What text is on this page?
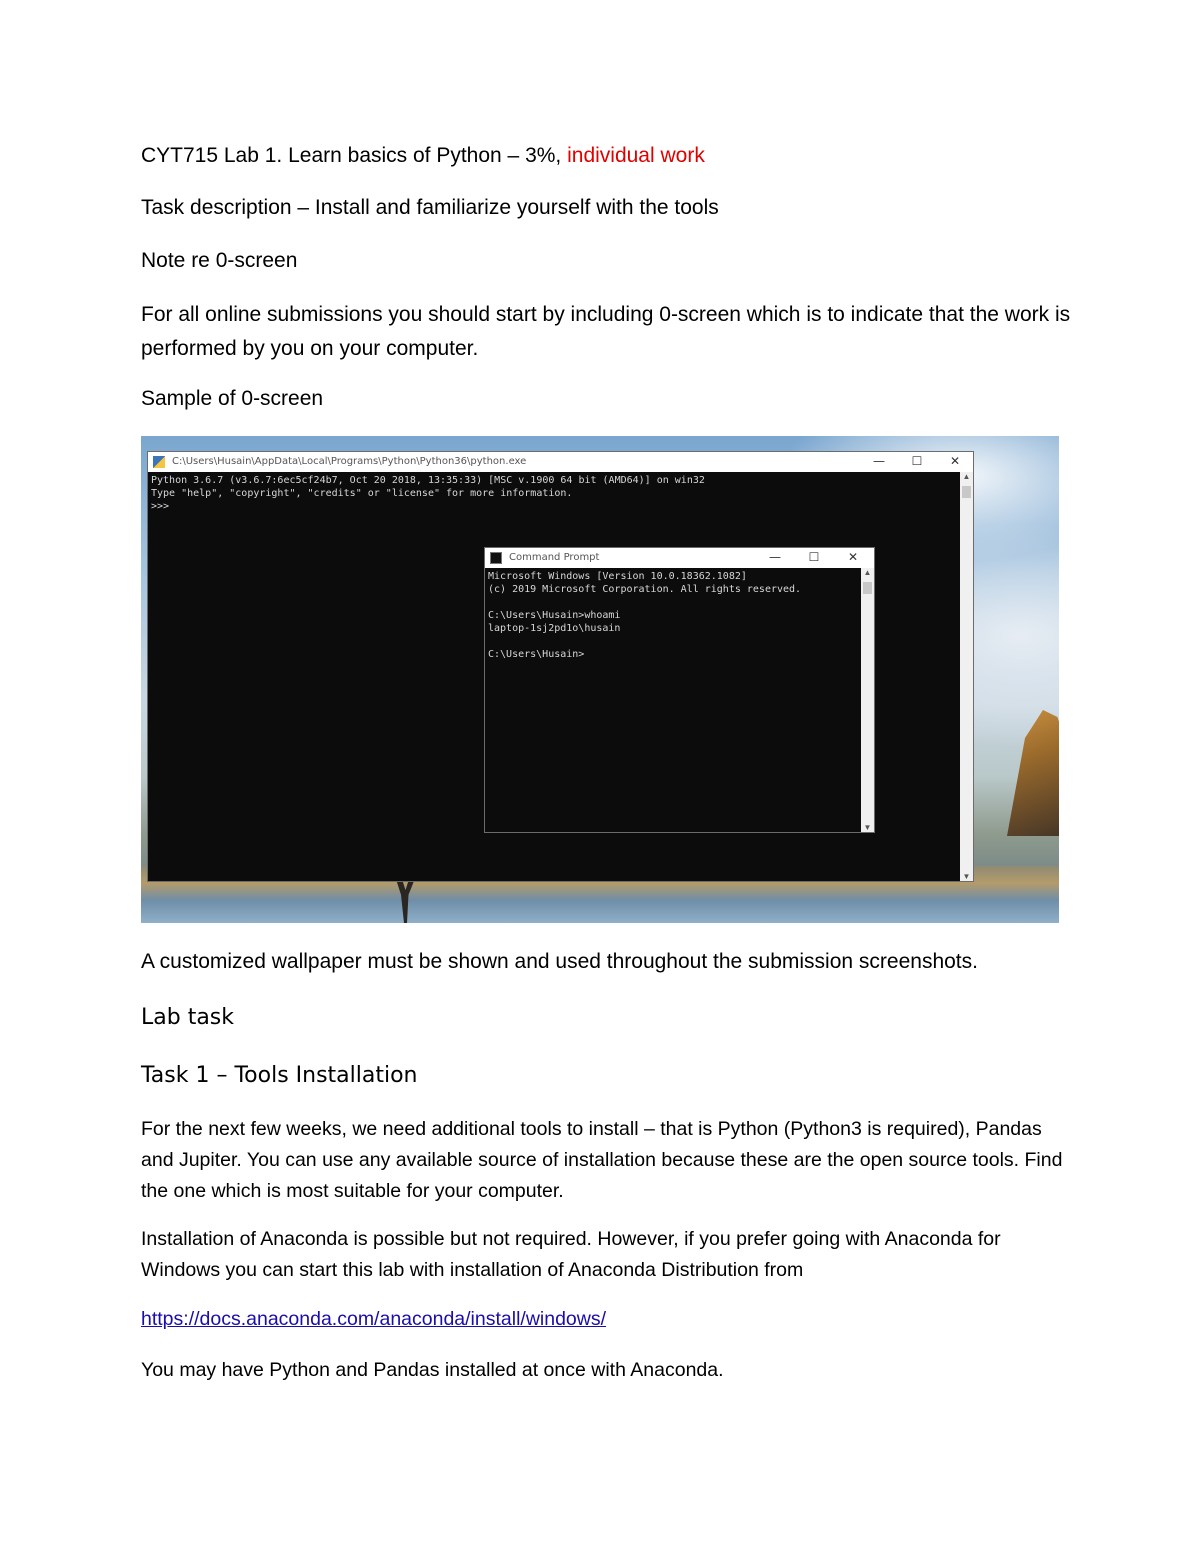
CYT715 Lab 1. Learn basics of Python – 3%, individual work

Task description – Install and familiarize yourself with the tools

Note re 0-screen

For all online submissions you should start by including 0-screen which is to indicate that the work is performed by you on your computer.

Sample of 0-screen

C:\Users\Husain\AppData\Local\Programs\Python\Python36\python.exe	— ☐ ✕
Python 3.6.7 (v3.6.7:6ec5cf24b7, Oct 20 2018, 13:35:33) [MSC v.1900 64 bit (AMD64)] on win32
Type "help", "copyright", "credits" or "license" for more information.
>>>
▲
▼
Command Prompt	— ☐ ✕
Microsoft Windows [Version 10.0.18362.1082]
(c) 2019 Microsoft Corporation. All rights reserved.

C:\Users\Husain>whoami
laptop-1sj2pd1o\husain

C:\Users\Husain>
▲
▼

A customized wallpaper must be shown and used throughout the submission screenshots.

Lab task

Task 1 – Tools Installation

For the next few weeks, we need additional tools to install – that is Python (Python3 is required), Pandas and Jupiter. You can use any available source of installation because these are the open source tools. Find the one which is most suitable for your computer.

Installation of Anaconda is possible but not required. However, if you prefer going with Anaconda for Windows you can start this lab with installation of Anaconda Distribution from

https://docs.anaconda.com/anaconda/install/windows/

You may have Python and Pandas installed at once with Anaconda.
